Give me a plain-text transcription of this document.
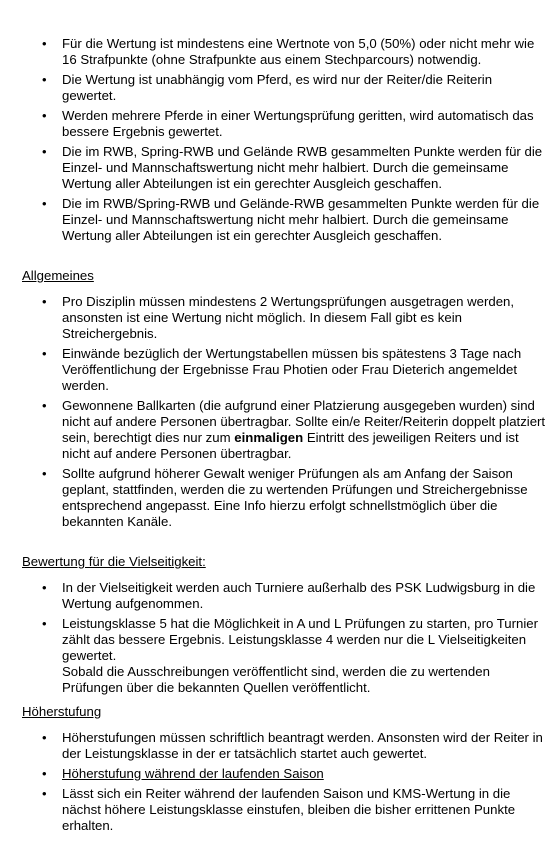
• Für die Wertung ist mindestens eine Wertnote von 5,0 (50%) oder nicht mehr wie 16 Strafpunkte (ohne Strafpunkte aus einem Stechparcours) notwendig.
• Die Wertung ist unabhängig vom Pferd, es wird nur der Reiter/die Reiterin gewertet.
• Werden mehrere Pferde in einer Wertungsprüfung geritten, wird automatisch das bessere Ergebnis gewertet.
• Die im RWB, Spring-RWB und Gelände RWB gesammelten Punkte werden für die Einzel- und Mannschaftswertung nicht mehr halbiert. Durch die gemeinsame Wertung aller Abteilungen ist ein gerechter Ausgleich geschaffen.
• Die im RWB/Spring-RWB und Gelände-RWB gesammelten Punkte werden für die Einzel- und Mannschaftswertung nicht mehr halbiert. Durch die gemeinsame Wertung aller Abteilungen ist ein gerechter Ausgleich geschaffen.
Allgemeines
• Pro Disziplin müssen mindestens 2 Wertungsprüfungen ausgetragen werden, ansonsten ist eine Wertung nicht möglich. In diesem Fall gibt es kein Streichergebnis.
• Einwände bezüglich der Wertungstabellen müssen bis spätestens 3 Tage nach Veröffentlichung der Ergebnisse Frau Photien oder Frau Dieterich angemeldet werden.
• Gewonnene Ballkarten (die aufgrund einer Platzierung ausgegeben wurden) sind nicht auf andere Personen übertragbar. Sollte ein/e Reiter/Reiterin doppelt platziert sein, berechtigt dies nur zum einmaligen Eintritt des jeweiligen Reiters und ist nicht auf andere Personen übertragbar.
• Sollte aufgrund höherer Gewalt weniger Prüfungen als am Anfang der Saison geplant, stattfinden, werden die zu wertenden Prüfungen und Streichergebnisse entsprechend angepasst. Eine Info hierzu erfolgt schnellstmöglich über die bekannten Kanäle.
Bewertung für die Vielseitigkeit:
• In der Vielseitigkeit werden auch Turniere außerhalb des PSK Ludwigsburg in die Wertung aufgenommen.
• Leistungsklasse 5 hat die Möglichkeit in A und L Prüfungen zu starten, pro Turnier zählt das bessere Ergebnis. Leistungsklasse 4 werden nur die L Vielseitigkeiten gewertet.
Sobald die Ausschreibungen veröffentlicht sind, werden die zu wertenden Prüfungen über die bekannten Quellen veröffentlicht.
Höherstufung
• Höherstufungen müssen schriftlich beantragt werden. Ansonsten wird der Reiter in der Leistungsklasse in der er tatsächlich startet auch gewertet.
• Höherstufung während der laufenden Saison
• Lässt sich ein Reiter während der laufenden Saison und KMS-Wertung in die nächst höhere Leistungsklasse einstufen, bleiben die bisher errittenen Punkte erhalten.
